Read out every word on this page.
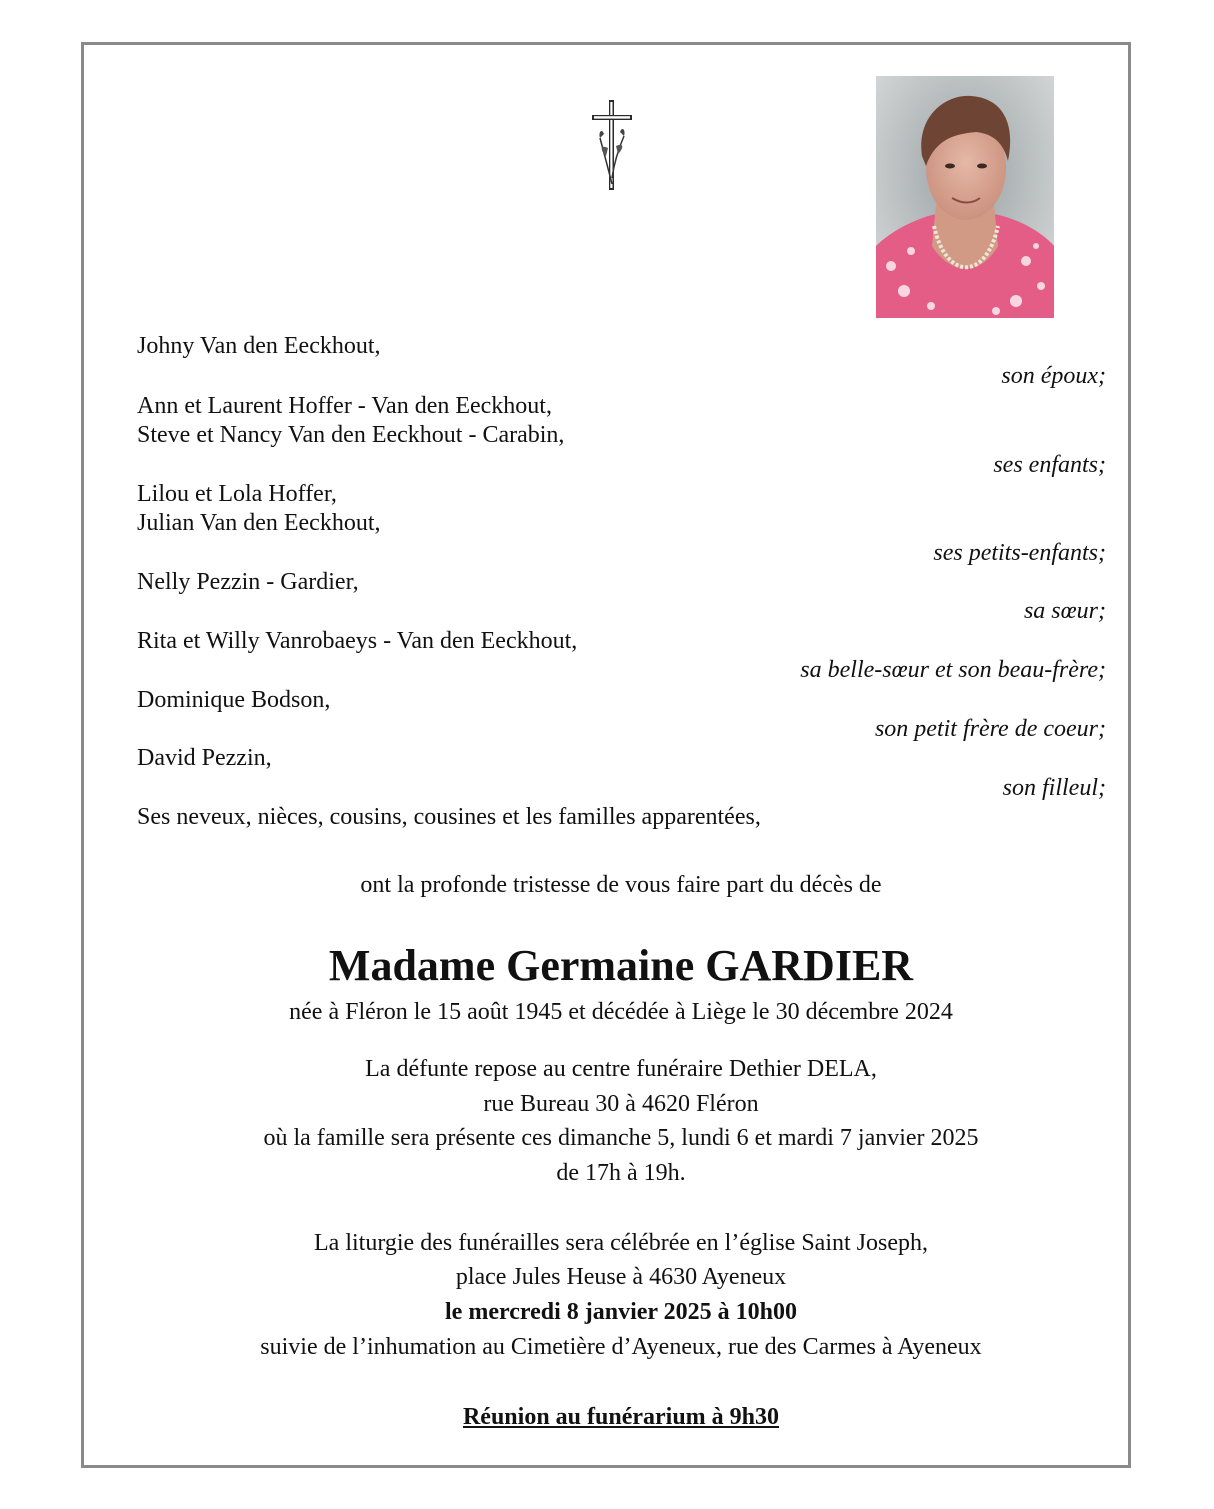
Johny Van den Eeckhout,
son époux;
Ann et Laurent Hoffer - Van den Eeckhout,
Steve et Nancy Van den Eeckhout - Carabin,
ses enfants;
Lilou et Lola Hoffer,
Julian Van den Eeckhout,
ses petits-enfants;
Nelly Pezzin - Gardier,
sa sœur;
Rita et Willy Vanrobaeys - Van den Eeckhout,
sa belle-sœur et son beau-frère;
Dominique Bodson,
son petit frère de coeur;
David Pezzin,
son filleul;
Ses neveux, nièces, cousins, cousines et les familles apparentées,
ont la profonde tristesse de vous faire part du décès de
Madame Germaine GARDIER
née à Fléron le 15 août 1945 et décédée à Liège le 30 décembre 2024
La défunte repose au centre funéraire Dethier DELA,
rue Bureau 30 à 4620 Fléron
où la famille sera présente ces dimanche 5, lundi 6 et mardi 7 janvier 2025
de 17h à 19h.
La liturgie des funérailles sera célébrée en l’église Saint Joseph,
place Jules Heuse à 4630 Ayeneux
le mercredi 8 janvier 2025 à 10h00
suivie de l’inhumation au Cimetière d’Ayeneux, rue des Carmes à Ayeneux
Réunion au funérarium à 9h30
